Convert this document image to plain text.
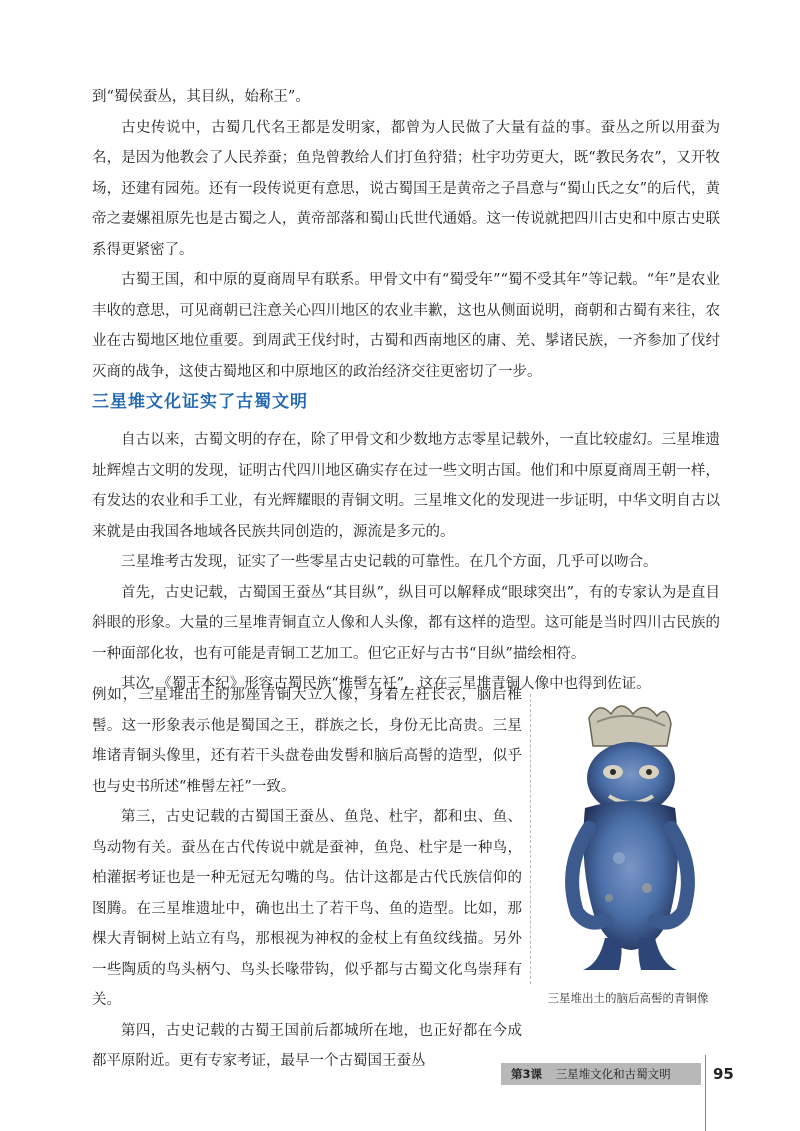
到“蜀侯蚕丛，其目纵，始称王”。

古史传说中，古蜀几代名王都是发明家，都曾为人民做了大量有益的事。蚕丛之所以用蚕为名，是因为他教会了人民养蚕；鱼凫曾教给人们打鱼狩猎；杜宇功劳更大，既“教民务农”，又开牧场，还建有园苑。还有一段传说更有意思，说古蜀国王是黄帝之子昌意与“蜀山氏之女”的后代，黄帝之妻嫘祖原先也是古蜀之人，黄帝部落和蜀山氏世代通婚。这一传说就把四川古史和中原古史联系得更紧密了。

古蜀王国，和中原的夏商周早有联系。甲骨文中有“蜀受年”“蜀不受其年”等记载。“年”是农业丰收的意思，可见商朝已注意关心四川地区的农业丰歉，这也从侧面说明，商朝和古蜀有来往，农业在古蜀地区地位重要。到周武王伐纣时，古蜀和西南地区的庸、羌、髳诸民族，一齐参加了伐纣灭商的战争，这使古蜀地区和中原地区的政治经济交往更密切了一步。

三星堆文化证实了古蜀文明

自古以来，古蜀文明的存在，除了甲骨文和少数地方志零星记载外，一直比较虚幻。三星堆遗址辉煌古文明的发现，证明古代四川地区确实存在过一些文明古国。他们和中原夏商周王朝一样，有发达的农业和手工业，有光辉耀眼的青铜文明。三星堆文化的发现进一步证明，中华文明自古以来就是由我国各地域各民族共同创造的，源流是多元的。

三星堆考古发现，证实了一些零星古史记载的可靠性。在几个方面，几乎可以吻合。

首先，古史记载，古蜀国王蚕丛“其目纵”，纵目可以解释成“眼球突出”，有的专家认为是直目斜眼的形象。大量的三星堆青铜直立人像和人头像，都有这样的造型。这可能是当时四川古民族的一种面部化妆，也有可能是青铜工艺加工。但它正好与古书“目纵”描绘相符。

其次，《蜀王本纪》形容古蜀民族“椎髻左衽”，这在三星堆青铜人像中也得到佐证。

例如，三星堆出土的那座青铜大立人像，身着左衽长衣，脑后椎髻。这一形象表示他是蜀国之王，群族之长，身份无比高贵。三星堆诸青铜头像里，还有若干头盘卷曲发髻和脑后高髻的造型，似乎也与史书所述“椎髻左衽”一致。

第三，古史记载的古蜀国王蚕丛、鱼凫、杜宇，都和虫、鱼、鸟动物有关。蚕丛在古代传说中就是蚕神，鱼凫、杜宇是一种鸟，柏灌据考证也是一种无冠无勾嘴的鸟。估计这都是古代氏族信仰的图腾。在三星堆遗址中，确也出土了若干鸟、鱼的造型。比如，那棵大青铜树上站立有鸟，那根视为神权的金杖上有鱼纹线描。另外一些陶质的鸟头柄勺、鸟头长喙带钩，似乎都与古蜀文化鸟崇拜有关。

第四，古史记载的古蜀王国前后都城所在地，也正好都在今成都平原附近。更有专家考证，最早一个古蜀国王蚕丛

三星堆出土的脑后高髻的青铜像
第3课 三星堆文化和古蜀文明	95
